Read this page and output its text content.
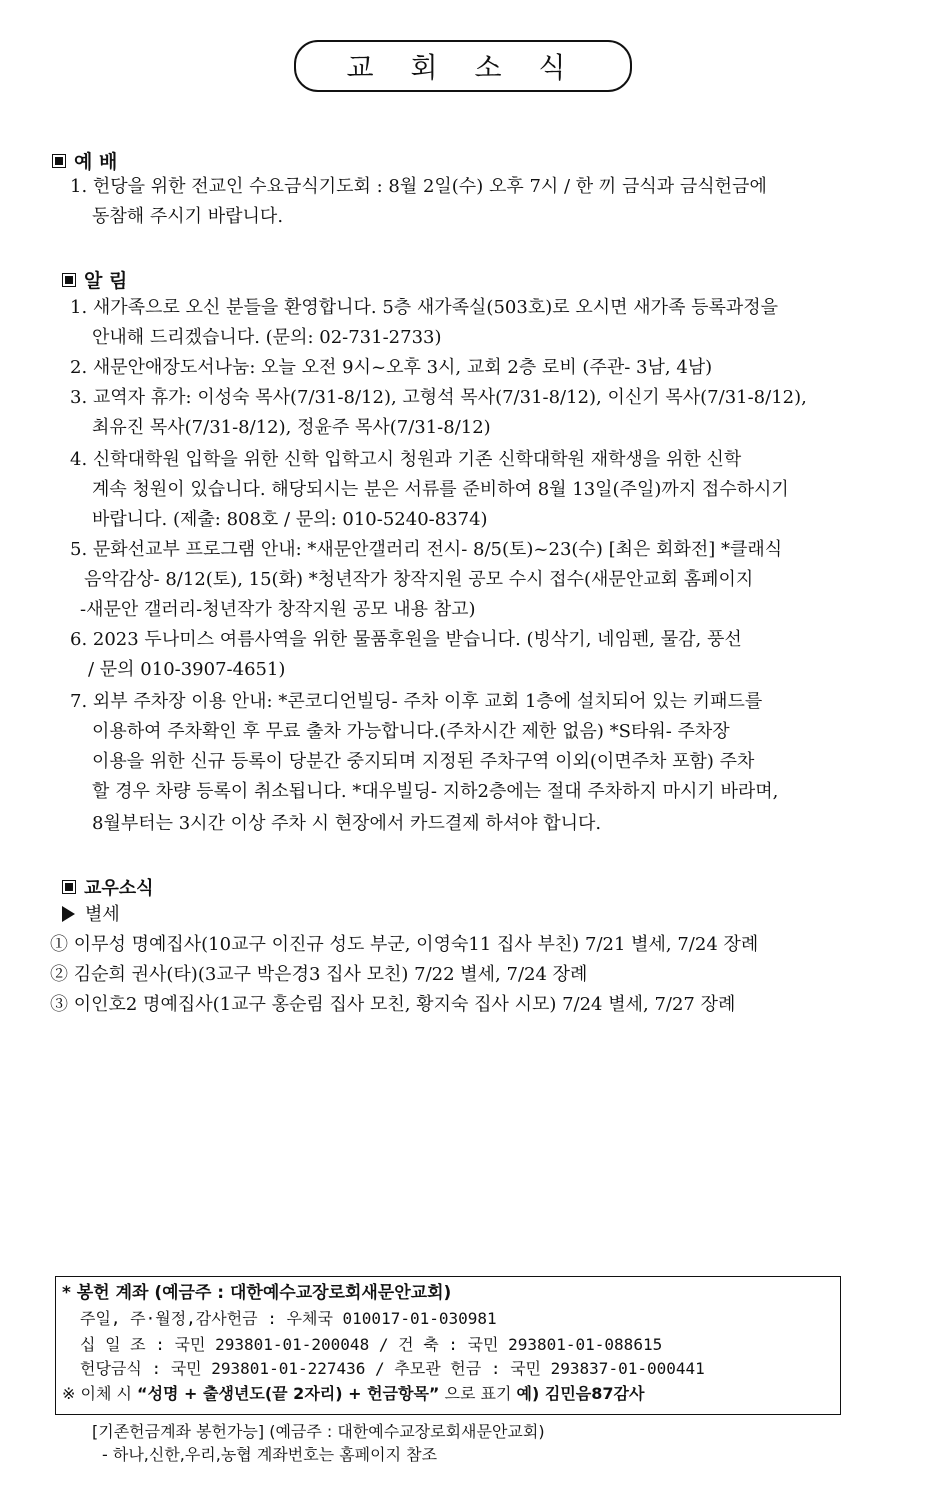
교 회 소 식
예 배
1. 헌당을 위한 전교인 수요금식기도회 : 8월 2일(수) 오후 7시 / 한 끼 금식과 금식헌금에
동참해 주시기 바랍니다.
알 림
1. 새가족으로 오신 분들을 환영합니다. 5층 새가족실(503호)로 오시면 새가족 등록과정을
안내해 드리겠습니다. (문의: 02-731-2733)
2. 새문안애장도서나눔: 오늘 오전 9시~오후 3시, 교회 2층 로비 (주관- 3남, 4남)
3. 교역자 휴가: 이성숙 목사(7/31-8/12), 고형석 목사(7/31-8/12), 이신기 목사(7/31-8/12),
최유진 목사(7/31-8/12), 정윤주 목사(7/31-8/12)
4. 신학대학원 입학을 위한 신학 입학고시 청원과 기존 신학대학원 재학생을 위한 신학
계속 청원이 있습니다. 해당되시는 분은 서류를 준비하여 8월 13일(주일)까지 접수하시기
바랍니다. (제출: 808호 / 문의: 010-5240-8374)
5. 문화선교부 프로그램 안내: *새문안갤러리 전시- 8/5(토)~23(수) [최은 회화전] *클래식
음악감상- 8/12(토), 15(화) *청년작가 창작지원 공모 수시 접수(새문안교회 홈페이지
-새문안 갤러리-청년작가 창작지원 공모 내용 참고)
6. 2023 두나미스 여름사역을 위한 물품후원을 받습니다. (빙삭기, 네임펜, 물감, 풍선
/ 문의 010-3907-4651)
7. 외부 주차장 이용 안내: *콘코디언빌딩- 주차 이후 교회 1층에 설치되어 있는 키패드를
이용하여 주차확인 후 무료 출차 가능합니다.(주차시간 제한 없음) *S타워- 주차장
이용을 위한 신규 등록이 당분간 중지되며 지정된 주차구역 이외(이면주차 포함) 주차
할 경우 차량 등록이 취소됩니다. *대우빌딩- 지하2층에는 절대 주차하지 마시기 바라며,
8월부터는 3시간 이상 주차 시 현장에서 카드결제 하셔야 합니다.
교우소식
별세
① 이무성 명예집사(10교구 이진규 성도 부군, 이영숙11 집사 부친) 7/21 별세, 7/24 장례
② 김순희 권사(타)(3교구 박은경3 집사 모친) 7/22 별세, 7/24 장례
③ 이인호2 명예집사(1교구 홍순림 집사 모친, 황지숙 집사 시모) 7/24 별세, 7/27 장례
* 봉헌 계좌 (예금주 : 대한예수교장로회새문안교회)
주일, 주·월정,감사헌금 : 우체국 010017-01-030981
십 일 조 : 국민 293801-01-200048 / 건 축 : 국민 293801-01-088615
헌당금식 : 국민 293801-01-227436 / 추모관 헌금 : 국민 293837-01-000441
※ 이체 시 “성명 + 출생년도(끝 2자리) + 헌금항목” 으로 표기 예) 김민음87감사
[기존헌금계좌 봉헌가능] (예금주 : 대한예수교장로회새문안교회)
- 하나,신한,우리,농협 계좌번호는 홈페이지 참조
